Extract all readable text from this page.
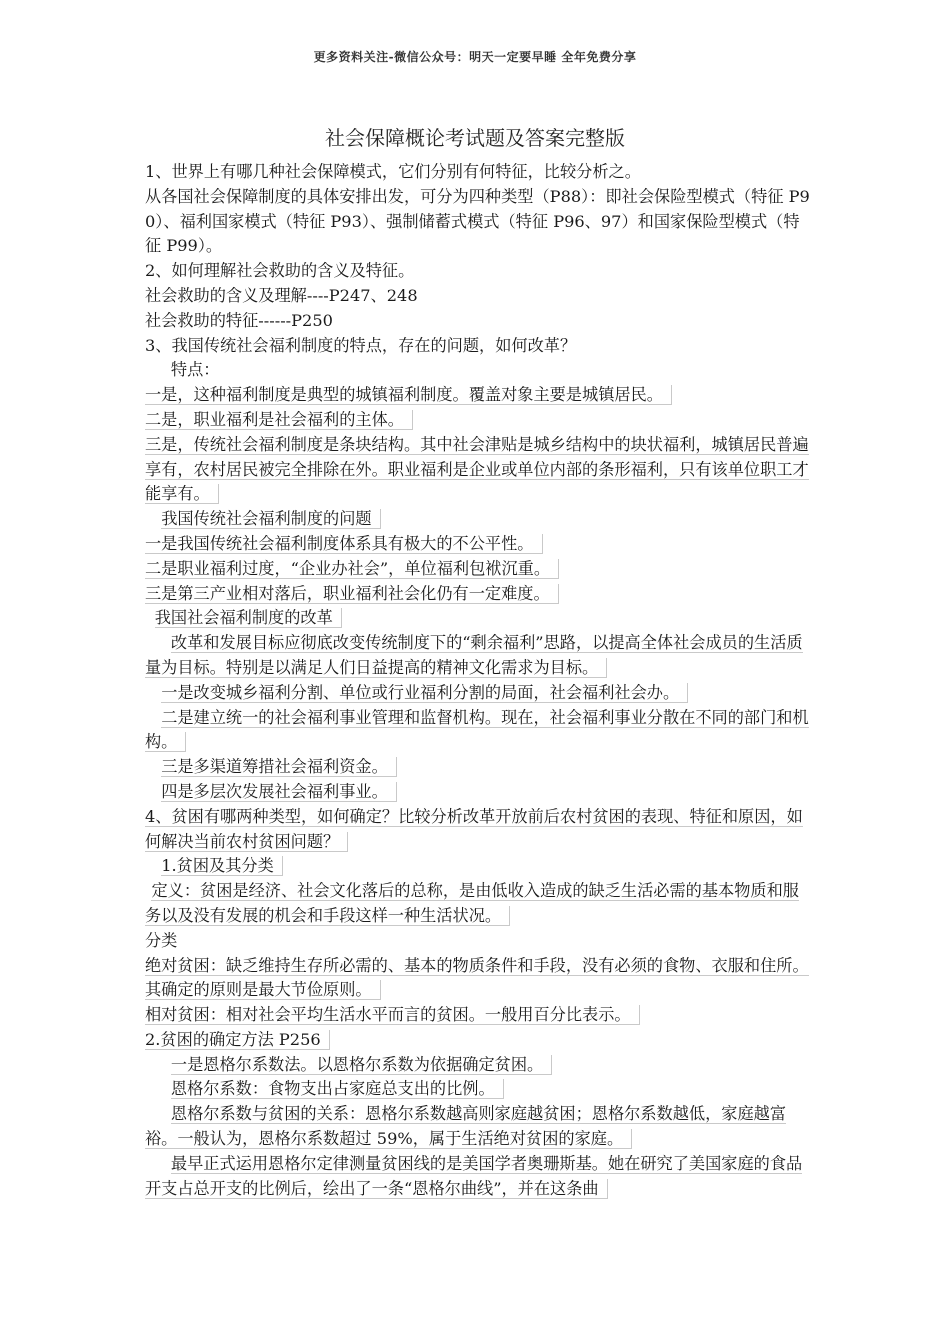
更多资料关注-微信公众号：明天一定要早睡 全年免费分享
社会保障概论考试题及答案完整版

1、世界上有哪几种社会保障模式，它们分别有何特征，比较分析之。

从各国社会保障制度的具体安排出发，可分为四种类型（P88）：即社会保险型模式（特征 P90）、福利国家模式（特征 P93）、强制储蓄式模式（特征 P96、97）和国家保险型模式（特征 P99）。

2、如何理解社会救助的含义及特征。

社会救助的含义及理解----P247、248

社会救助的特征------P250

3、我国传统社会福利制度的特点，存在的问题，如何改革？

特点：

一是，这种福利制度是典型的城镇福利制度。覆盖对象主要是城镇居民。

二是，职业福利是社会福利的主体。

三是，传统社会福利制度是条块结构。其中社会津贴是城乡结构中的块状福利，城镇居民普遍享有，农村居民被完全排除在外。职业福利是企业或单位内部的条形福利，只有该单位职工才能享有。

我国传统社会福利制度的问题

一是我国传统社会福利制度体系具有极大的不公平性。

二是职业福利过度，“企业办社会”，单位福利包袱沉重。

三是第三产业相对落后，职业福利社会化仍有一定难度。

我国社会福利制度的改革

改革和发展目标应彻底改变传统制度下的“剩余福利”思路，以提高全体社会成员的生活质量为目标。特别是以满足人们日益提高的精神文化需求为目标。

一是改变城乡福利分割、单位或行业福利分割的局面，社会福利社会办。

二是建立统一的社会福利事业管理和监督机构。现在，社会福利事业分散在不同的部门和机构。

三是多渠道筹措社会福利资金。

四是多层次发展社会福利事业。

4、贫困有哪两种类型，如何确定？比较分析改革开放前后农村贫困的表现、特征和原因，如何解决当前农村贫困问题？

1.贫困及其分类

定义：贫困是经济、社会文化落后的总称，是由低收入造成的缺乏生活必需的基本物质和服务以及没有发展的机会和手段这样一种生活状况。

分类

绝对贫困：缺乏维持生存所必需的、基本的物质条件和手段，没有必须的食物、衣服和住所。其确定的原则是最大节俭原则。

相对贫困：相对社会平均生活水平而言的贫困。一般用百分比表示。

2.贫困的确定方法 P256

一是恩格尔系数法。以恩格尔系数为依据确定贫困。

恩格尔系数：食物支出占家庭总支出的比例。

恩格尔系数与贫困的关系：恩格尔系数越高则家庭越贫困；恩格尔系数越低，家庭越富裕。一般认为，恩格尔系数超过 59%，属于生活绝对贫困的家庭。

最早正式运用恩格尔定律测量贫困线的是美国学者奥珊斯基。她在研究了美国家庭的食品开支占总开支的比例后，绘出了一条“恩格尔曲线”，并在这条曲
